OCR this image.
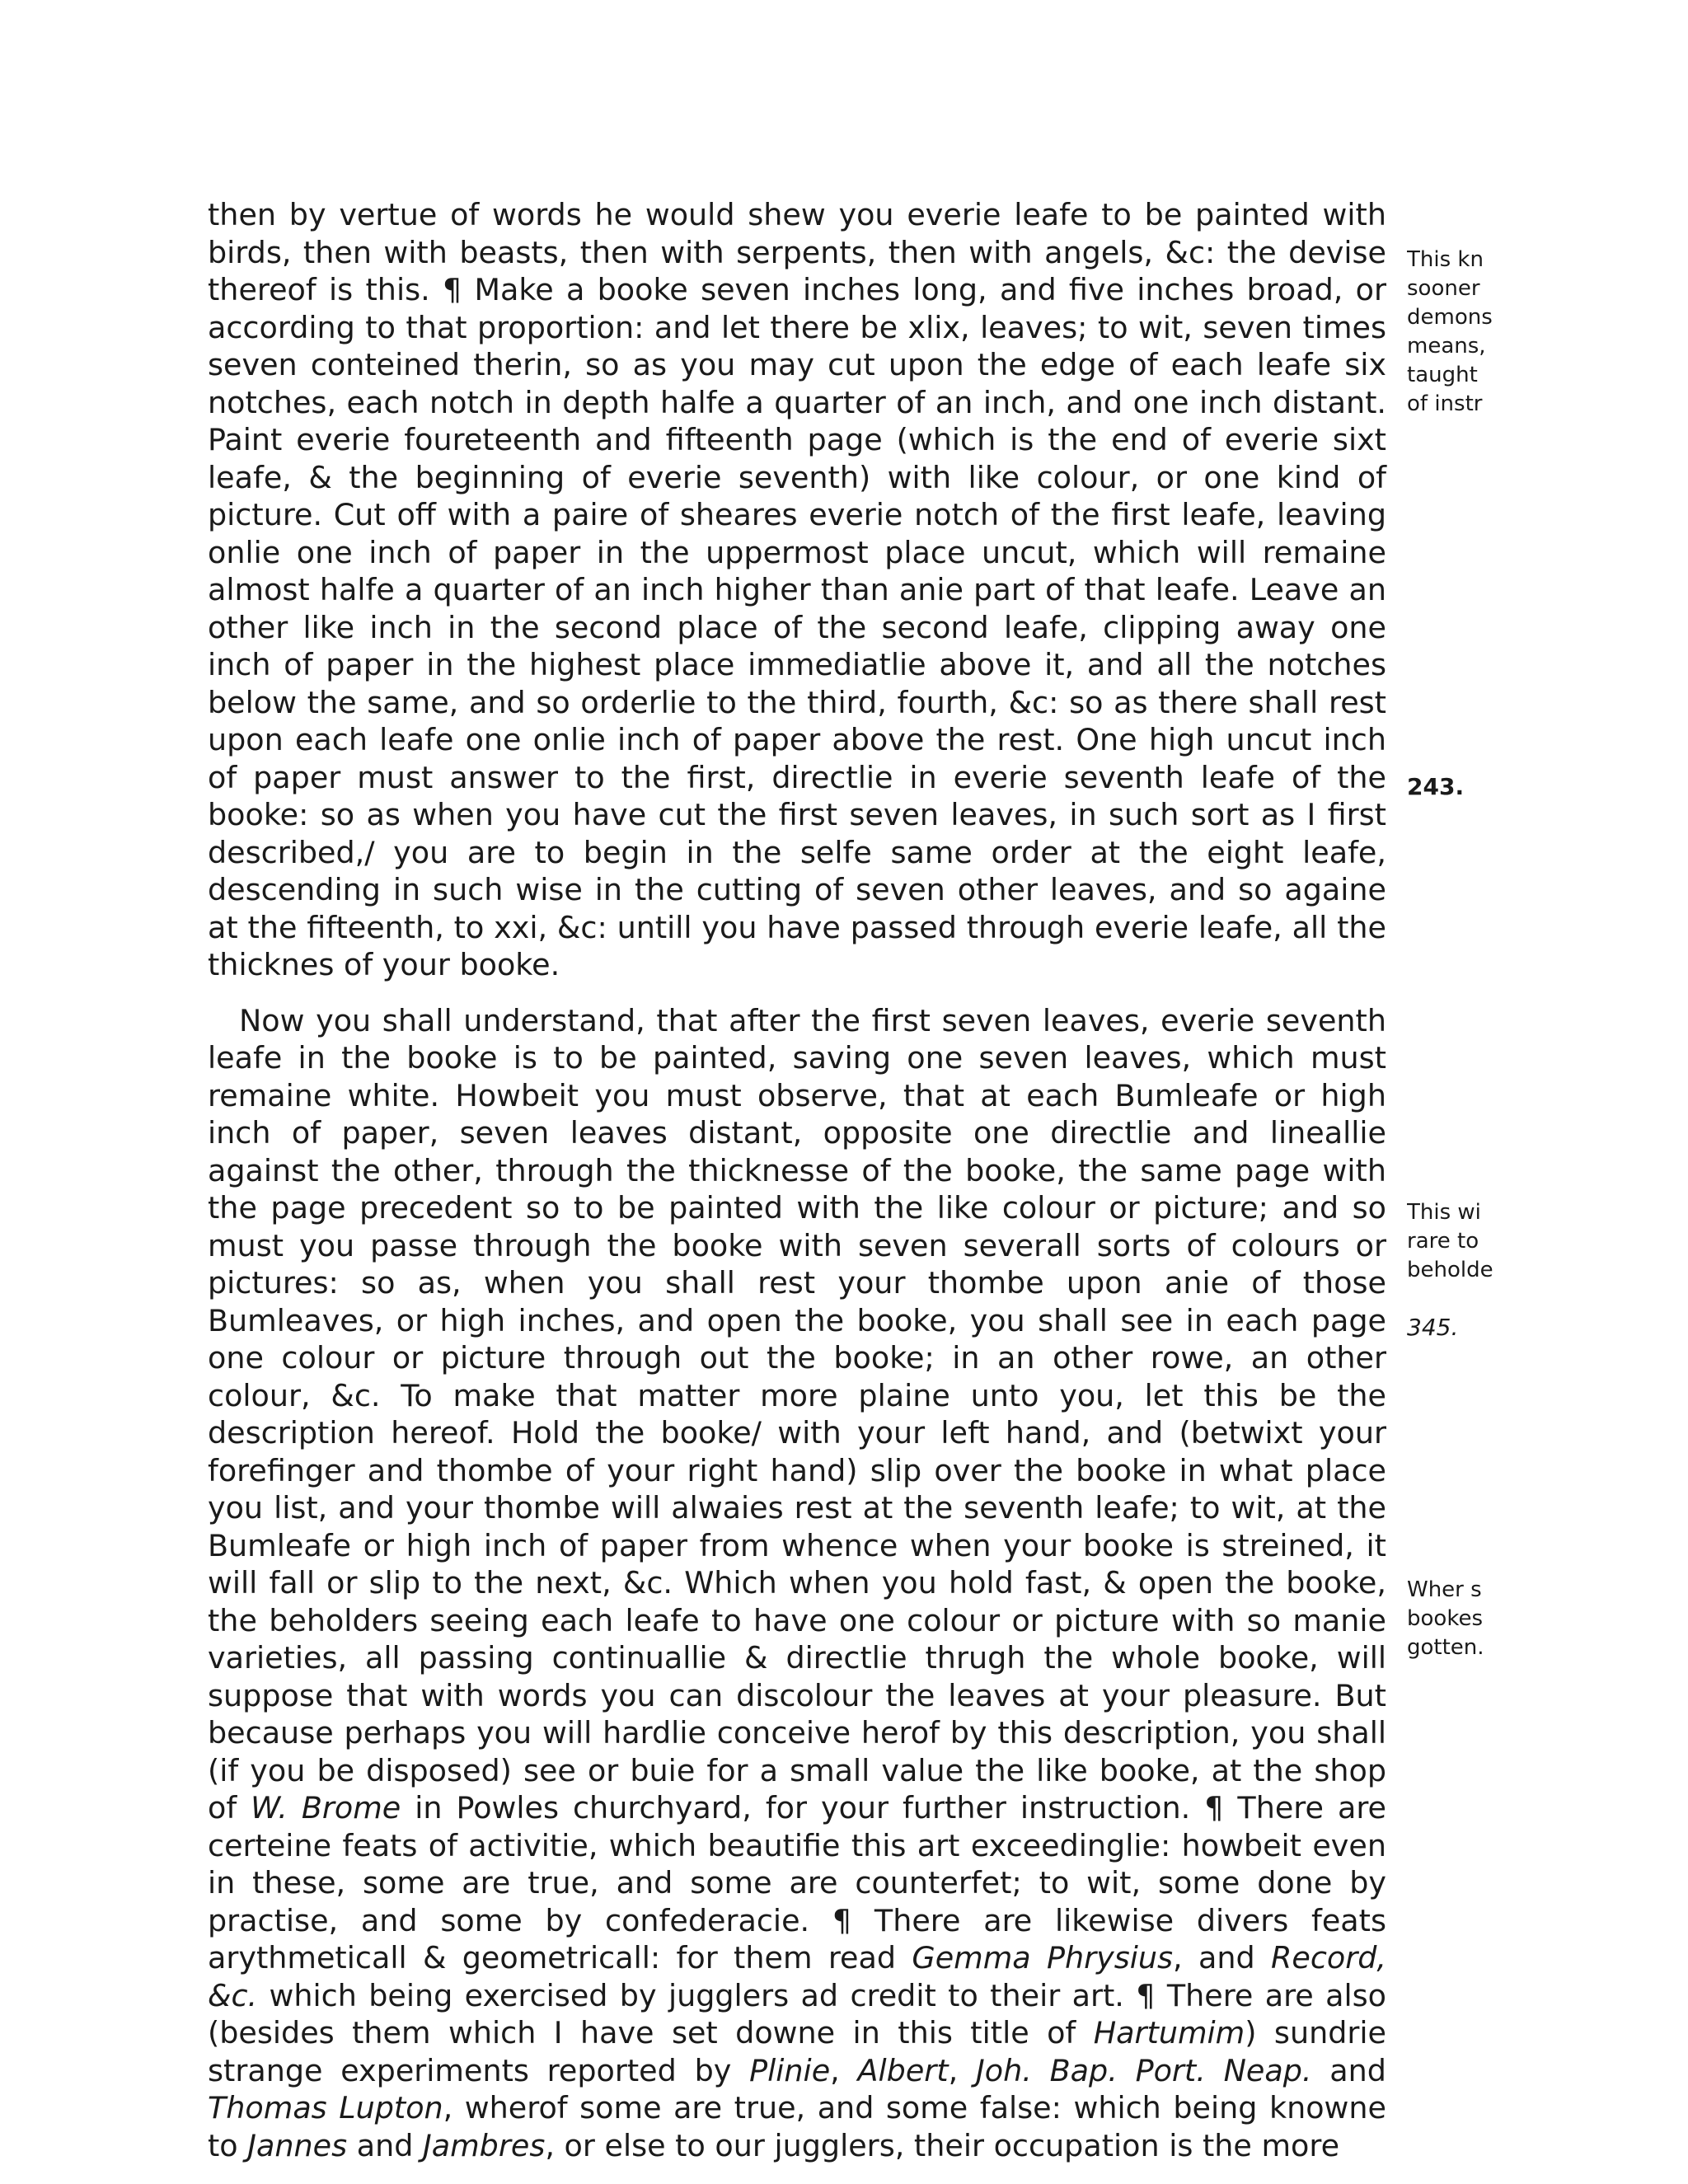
then by vertue of words he would shew you everie leafe to be painted with birds, then with beasts, then with serpents, then with angels, &c: the devise thereof is this. ¶ Make a booke seven inches long, and five inches broad, or according to that proportion: and let there be xlix, leaves; to wit, seven times seven conteined therin, so as you may cut upon the edge of each leafe six notches, each notch in depth halfe a quarter of an inch, and one inch distant. Paint everie foureteenth and fifteenth page (which is the end of everie sixt leafe, & the beginning of everie seventh) with like colour, or one kind of picture. Cut off with a paire of sheares everie notch of the first leafe, leaving onlie one inch of paper in the uppermost place uncut, which will remaine almost halfe a quarter of an inch higher than anie part of that leafe. Leave an other like inch in the second place of the second leafe, clipping away one inch of paper in the highest place immediatlie above it, and all the notches below the same, and so orderlie to the third, fourth, &c: so as there shall rest upon each leafe one onlie inch of paper above the rest. One high uncut inch of paper must answer to the first, directlie in everie seventh leafe of the booke: so as when you have cut the first seven leaves, in such sort as I first described,/ you are to begin in the selfe same order at the eight leafe, descending in such wise in the cutting of seven other leaves, and so againe at the fifteenth, to xxi, &c: untill you have passed through everie leafe, all the thicknes of your booke.

Now you shall understand, that after the first seven leaves, everie seventh leafe in the booke is to be painted, saving one seven leaves, which must remaine white. Howbeit you must observe, that at each Bumleafe or high inch of paper, seven leaves distant, opposite one directlie and lineallie against the other, through the thicknesse of the booke, the same page with the page precedent so to be painted with the like colour or picture; and so must you passe through the booke with seven severall sorts of colours or pictures: so as, when you shall rest your thombe upon anie of those Bumleaves, or high inches, and open the booke, you shall see in each page one colour or picture through out the booke; in an other rowe, an other colour, &c. To make that matter more plaine unto you, let this be the description hereof. Hold the booke/ with your left hand, and (betwixt your forefinger and thombe of your right hand) slip over the booke in what place you list, and your thombe will alwaies rest at the seventh leafe; to wit, at the Bumleafe or high inch of paper from whence when your booke is streined, it will fall or slip to the next, &c. Which when you hold fast, & open the booke, the beholders seeing each leafe to have one colour or picture with so manie varieties, all passing continuallie & directlie thrugh the whole booke, will suppose that with words you can discolour the leaves at your pleasure. But because perhaps you will hardlie conceive herof by this description, you shall (if you be disposed) see or buie for a small value the like booke, at the shop of W. Brome in Powles churchyard, for your further instruction. ¶ There are certeine feats of activitie, which beautifie this art exceedinglie: howbeit even in these, some are true, and some are counterfet; to wit, some done by practise, and some by confederacie. ¶ There are likewise divers feats arythmeticall & geometricall: for them read Gemma Phrysius, and Record, &c. which being exercised by jugglers ad credit to their art. ¶ There are also (besides them which I have set downe in this title of Hartumim) sundrie strange experiments reported by Plinie, Albert, Joh. Bap. Port. Neap. and Thomas Lupton, wherof some are true, and some false: which being knowne to Jannes and Jambres, or else to our jugglers, their occupation is the more

This kn
sooner
demons
means,
taught
of instr
243.
This wi
rare to
beholde
345.
Wher s
bookes
gotten.
